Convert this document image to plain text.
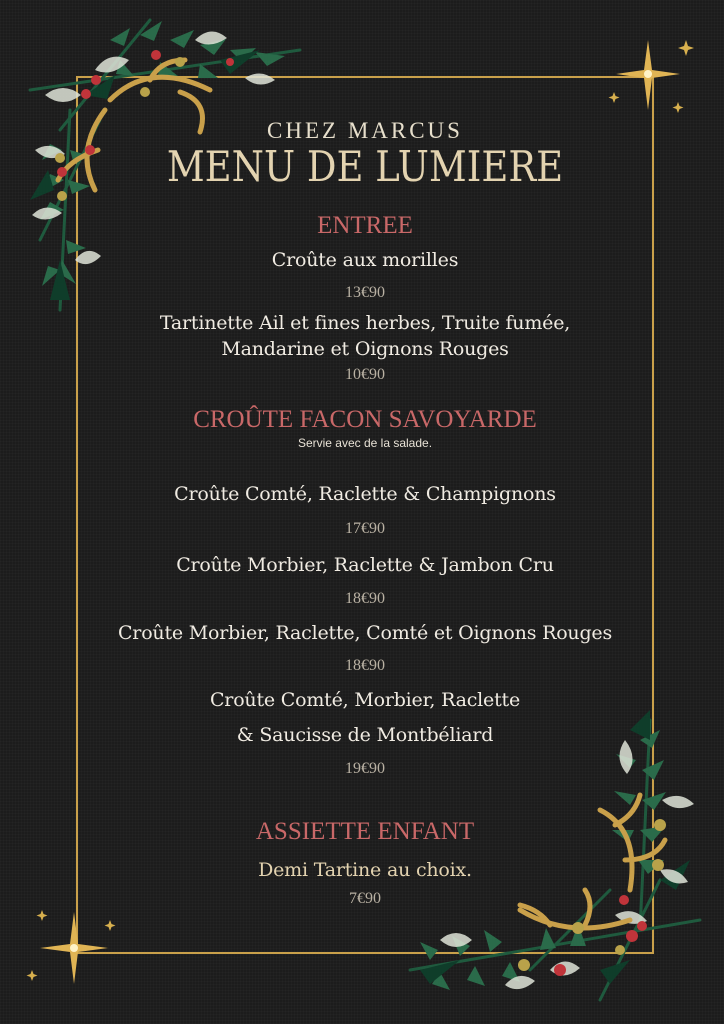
CHEZ MARCUS
MENU DE LUMIERE
ENTREE
Croûte aux morilles
13€90
Tartinette Ail et fines herbes, Truite fumée,
Mandarine et Oignons Rouges
10€90
CROÛTE FACON SAVOYARDE
Servie avec de la salade.
Croûte Comté, Raclette & Champignons
17€90
Croûte Morbier, Raclette & Jambon Cru
18€90
Croûte Morbier, Raclette, Comté et Oignons Rouges
18€90
Croûte Comté, Morbier, Raclette
& Saucisse de Montbéliard
19€90
ASSIETTE ENFANT
Demi Tartine au choix.
7€90
